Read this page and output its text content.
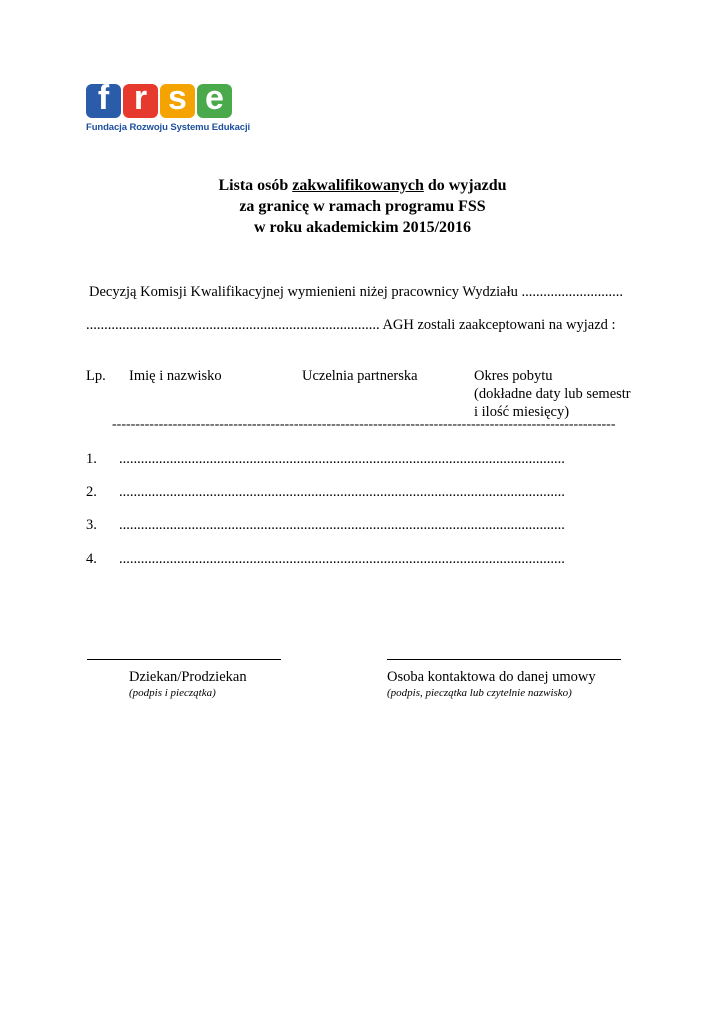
f r s e
Fundacja Rozwoju Systemu Edukacji
Lista osób zakwalifikowanych do wyjazdu
za granicę w ramach programu FSS
w roku akademickim 2015/2016
Decyzją Komisji Kwalifikacyjnej wymienieni niżej pracownicy Wydziału ............................
................................................................................. AGH zostali zaakceptowani na wyjazd :
Lp. Imię i nazwisko	Uczelnia partnerska	Okres pobytu
(dokładne daty lub semestr
i ilość miesięcy)
------------------------------------------------------------------------------------------------------------
1. ...........................................................................................................................
2. ...........................................................................................................................
3. ...........................................................................................................................
4. ...........................................................................................................................
Dziekan/Prodziekan
(podpis i pieczątka)
Osoba kontaktowa do danej umowy
(podpis, pieczątka lub czytelnie nazwisko)
